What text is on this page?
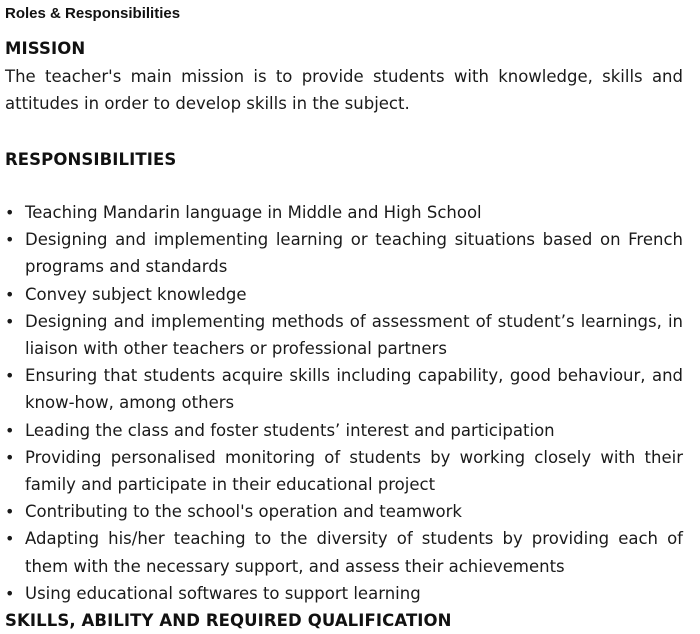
Roles & Responsibilities
MISSION
The teacher's main mission is to provide students with knowledge, skills and attitudes in order to develop skills in the subject.
RESPONSIBILITIES
• Teaching Mandarin language in Middle and High School
• Designing and implementing learning or teaching situations based on French programs and standards
• Convey subject knowledge
• Designing and implementing methods of assessment of student’s learnings, in liaison with other teachers or professional partners
• Ensuring that students acquire skills including capability, good behaviour, and know-how, among others
• Leading the class and foster students’ interest and participation
• Providing personalised monitoring of students by working closely with their family and participate in their educational project
• Contributing to the school's operation and teamwork
• Adapting his/her teaching to the diversity of students by providing each of them with the necessary support, and assess their achievements
• Using educational softwares to support learning
SKILLS, ABILITY AND REQUIRED QUALIFICATION
